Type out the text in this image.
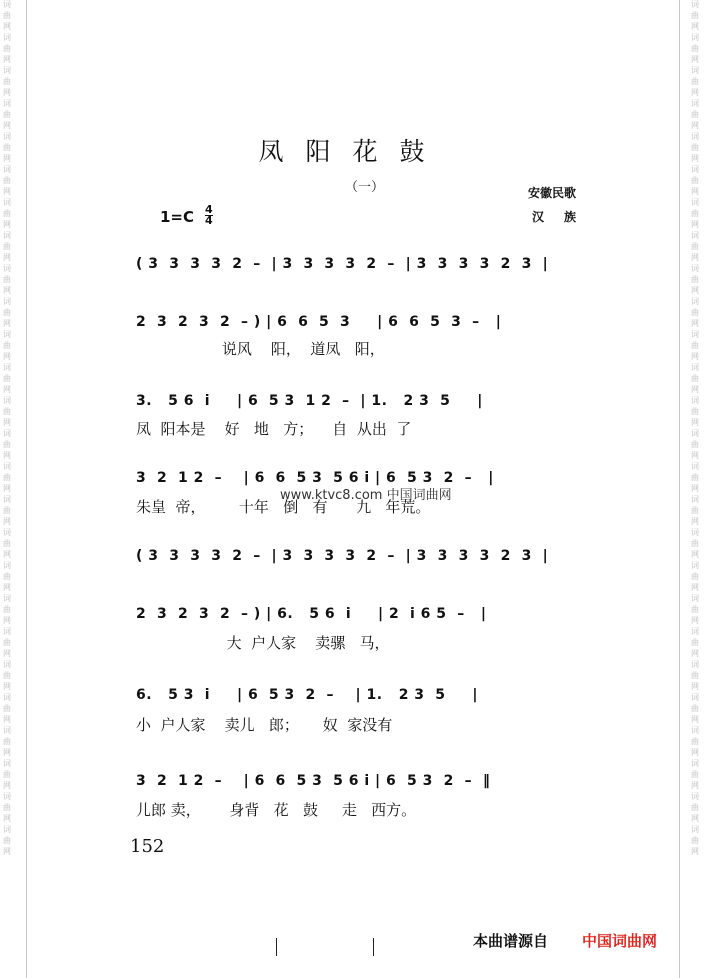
词
曲
网
词
曲
网
词
曲
网
词
曲
网
词
曲
网
词
曲
网
词
曲
网
词
曲
网
词
曲
网
词
曲
网
词
曲
网
词
曲
网
词
曲
网
词
曲
网
词
曲
网
词
曲
网
词
曲
网
词
曲
网
词
曲
网
词
曲
网
词
曲
网
词
曲
网
词
曲
网
词
曲
网
词
曲
网
词
曲
网
词
曲
网
词
曲
网
词
曲
网
词
曲
网
词
曲
网
词
曲
网
词
曲
网
词
曲
网
词
曲
网
词
曲
网
词
曲
网
词
曲
网
词
曲
网
词
曲
网
词
曲
网
词
曲
网
词
曲
网
词
曲
网
词
曲
网
词
曲
网
词
曲
网
词
曲
网
词
曲
网
词
曲
网
词
曲
网
词
曲
网
凤阳花鼓
（一）	安徽民歌
汉族
1=C 4
4
( 3  3  3  3  2  –  | 3  3  3  3  2  –  | 3  3  3  3  2  3  |
2  3  2  3  2  – ) | 6  6  5  3     | 6  6  5  3  –   |
说风    阳，  道凤   阳，
3.   5 6  i     | 6  5 3  1 2  –  | 1.   2 3  5     |
凤  阳本是    好   地   方；    自  从出  了
3  2  1 2  –    | 6  6  5 3  5 6 i | 6  5 3  2  –   |
朱皇  帝，       十年   倒   有      九   年荒。
( 3  3  3  3  2  –  | 3  3  3  3  2  –  | 3  3  3  3  2  3  |
2  3  2  3  2  – ) | 6.   5 6  i     | 2  i 6 5  –   |
大  户人家    卖骡   马，
6.   5 3  i     | 6  5 3  2  –    | 1.   2 3  5     |
小  户人家    卖儿   郎；     奴  家没有
3  2  1 2  –    | 6  6  5 3  5 6 i | 6  5 3  2  –  ‖
儿郎 卖，      身背   花   鼓     走   西方。
www.ktvc8.com 中国词曲网
152
本曲谱源自 中国词曲网
